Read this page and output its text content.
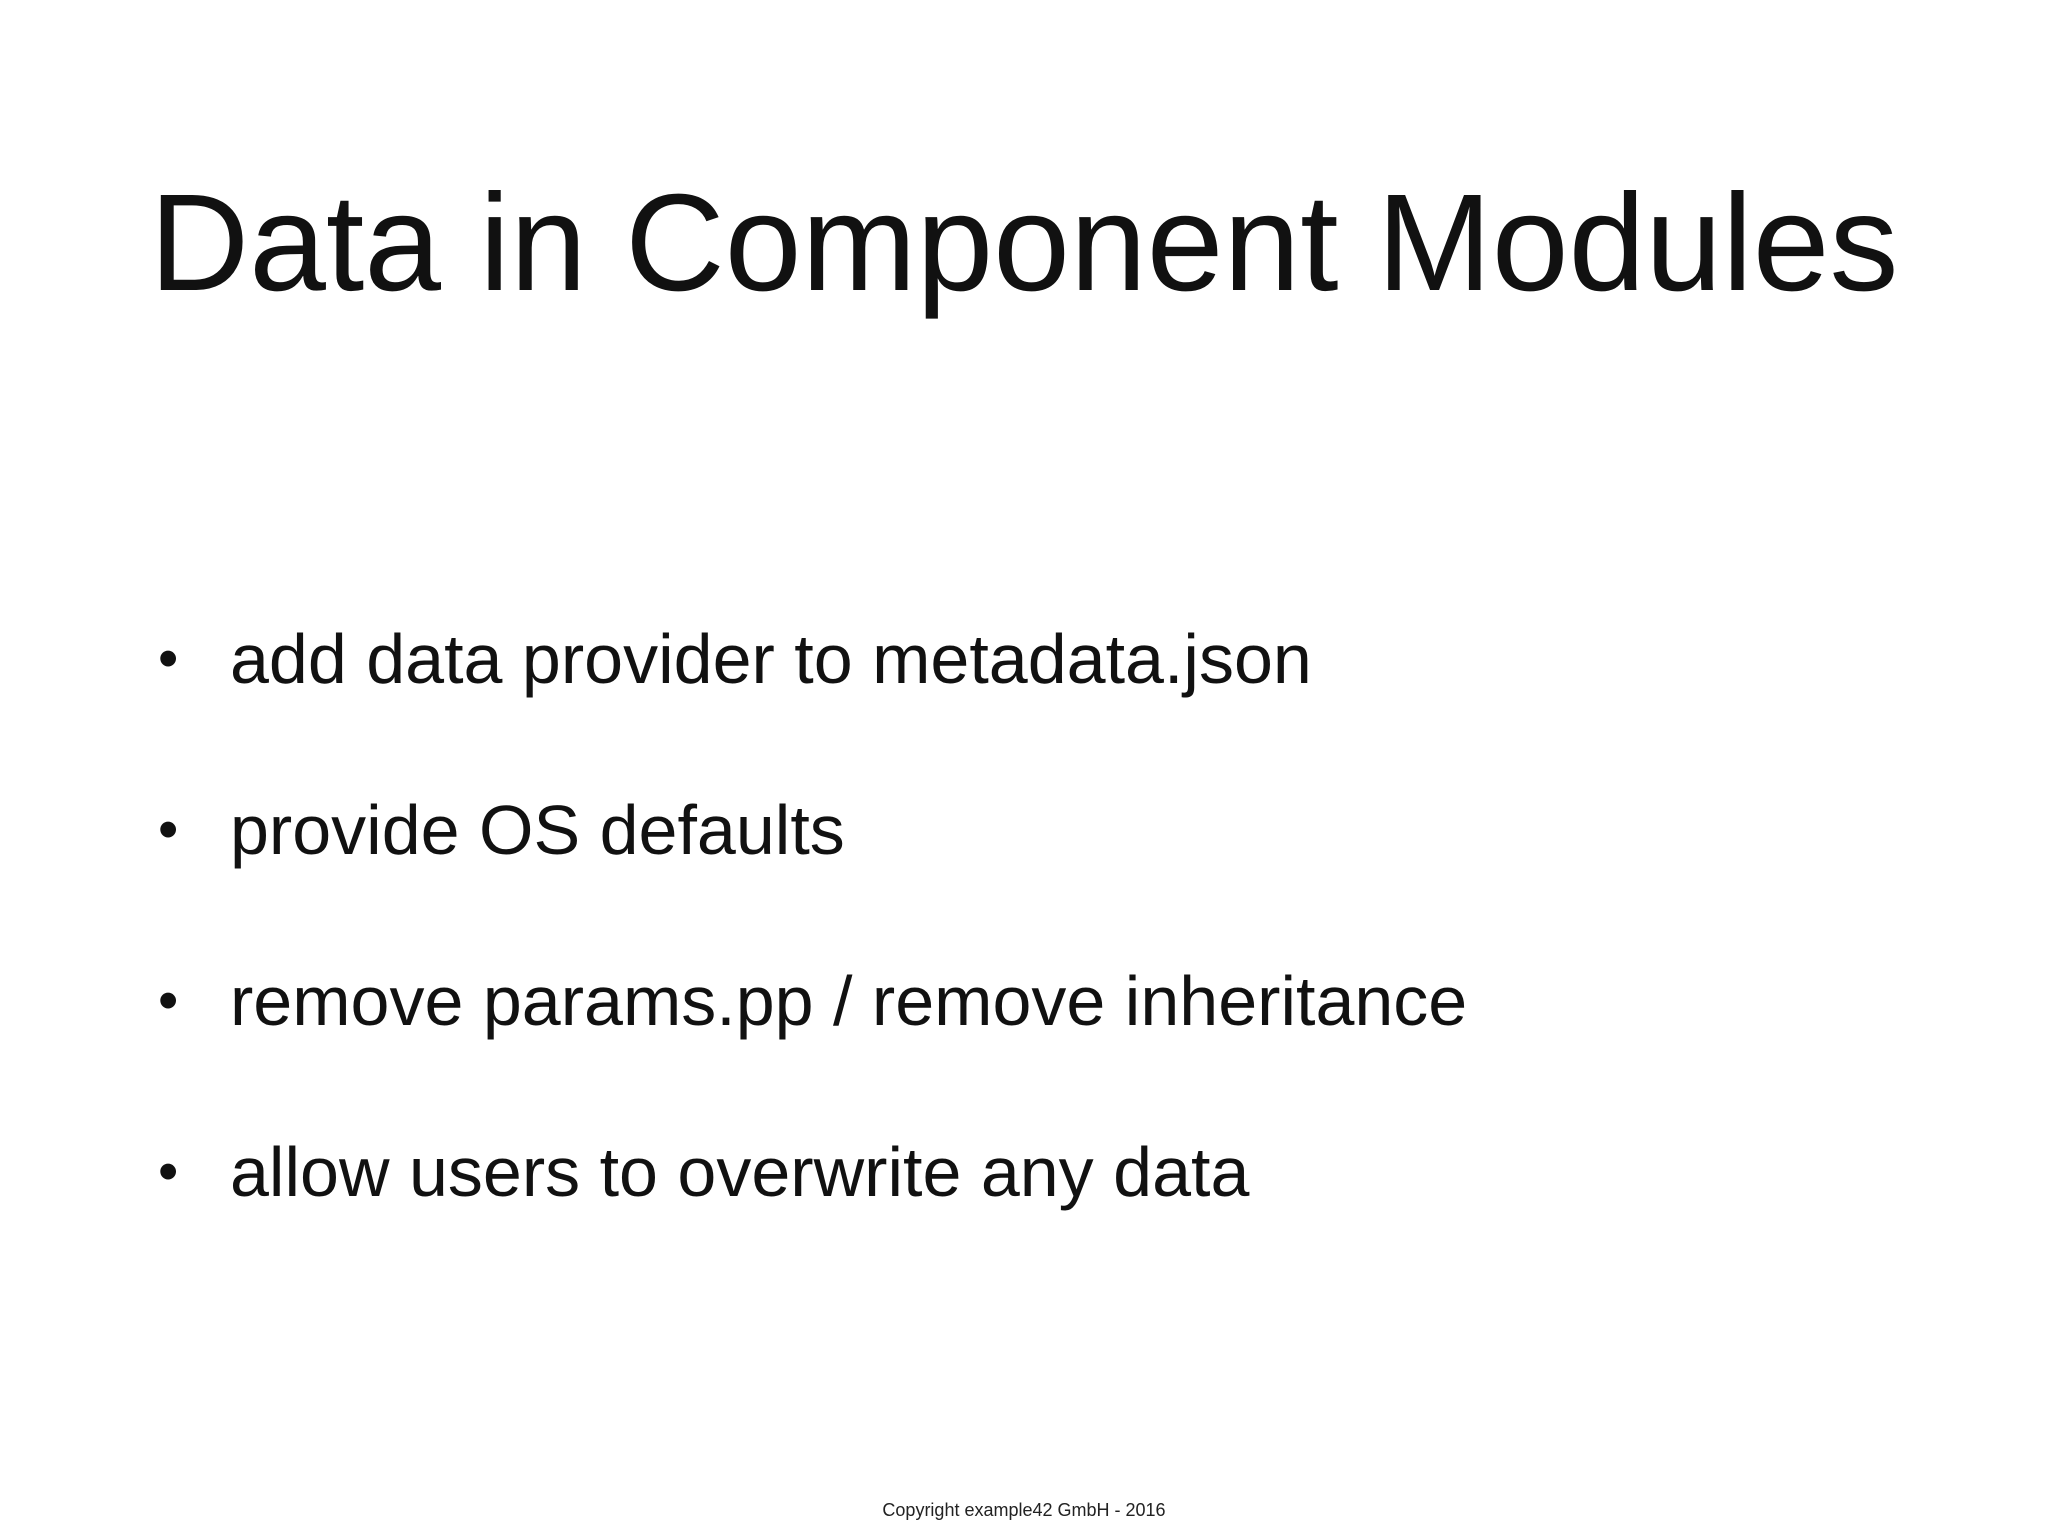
Data in Component Modules
• add data provider to metadata.json
• provide OS defaults
• remove params.pp / remove inheritance
• allow users to overwrite any data
Copyright example42 GmbH - 2016
